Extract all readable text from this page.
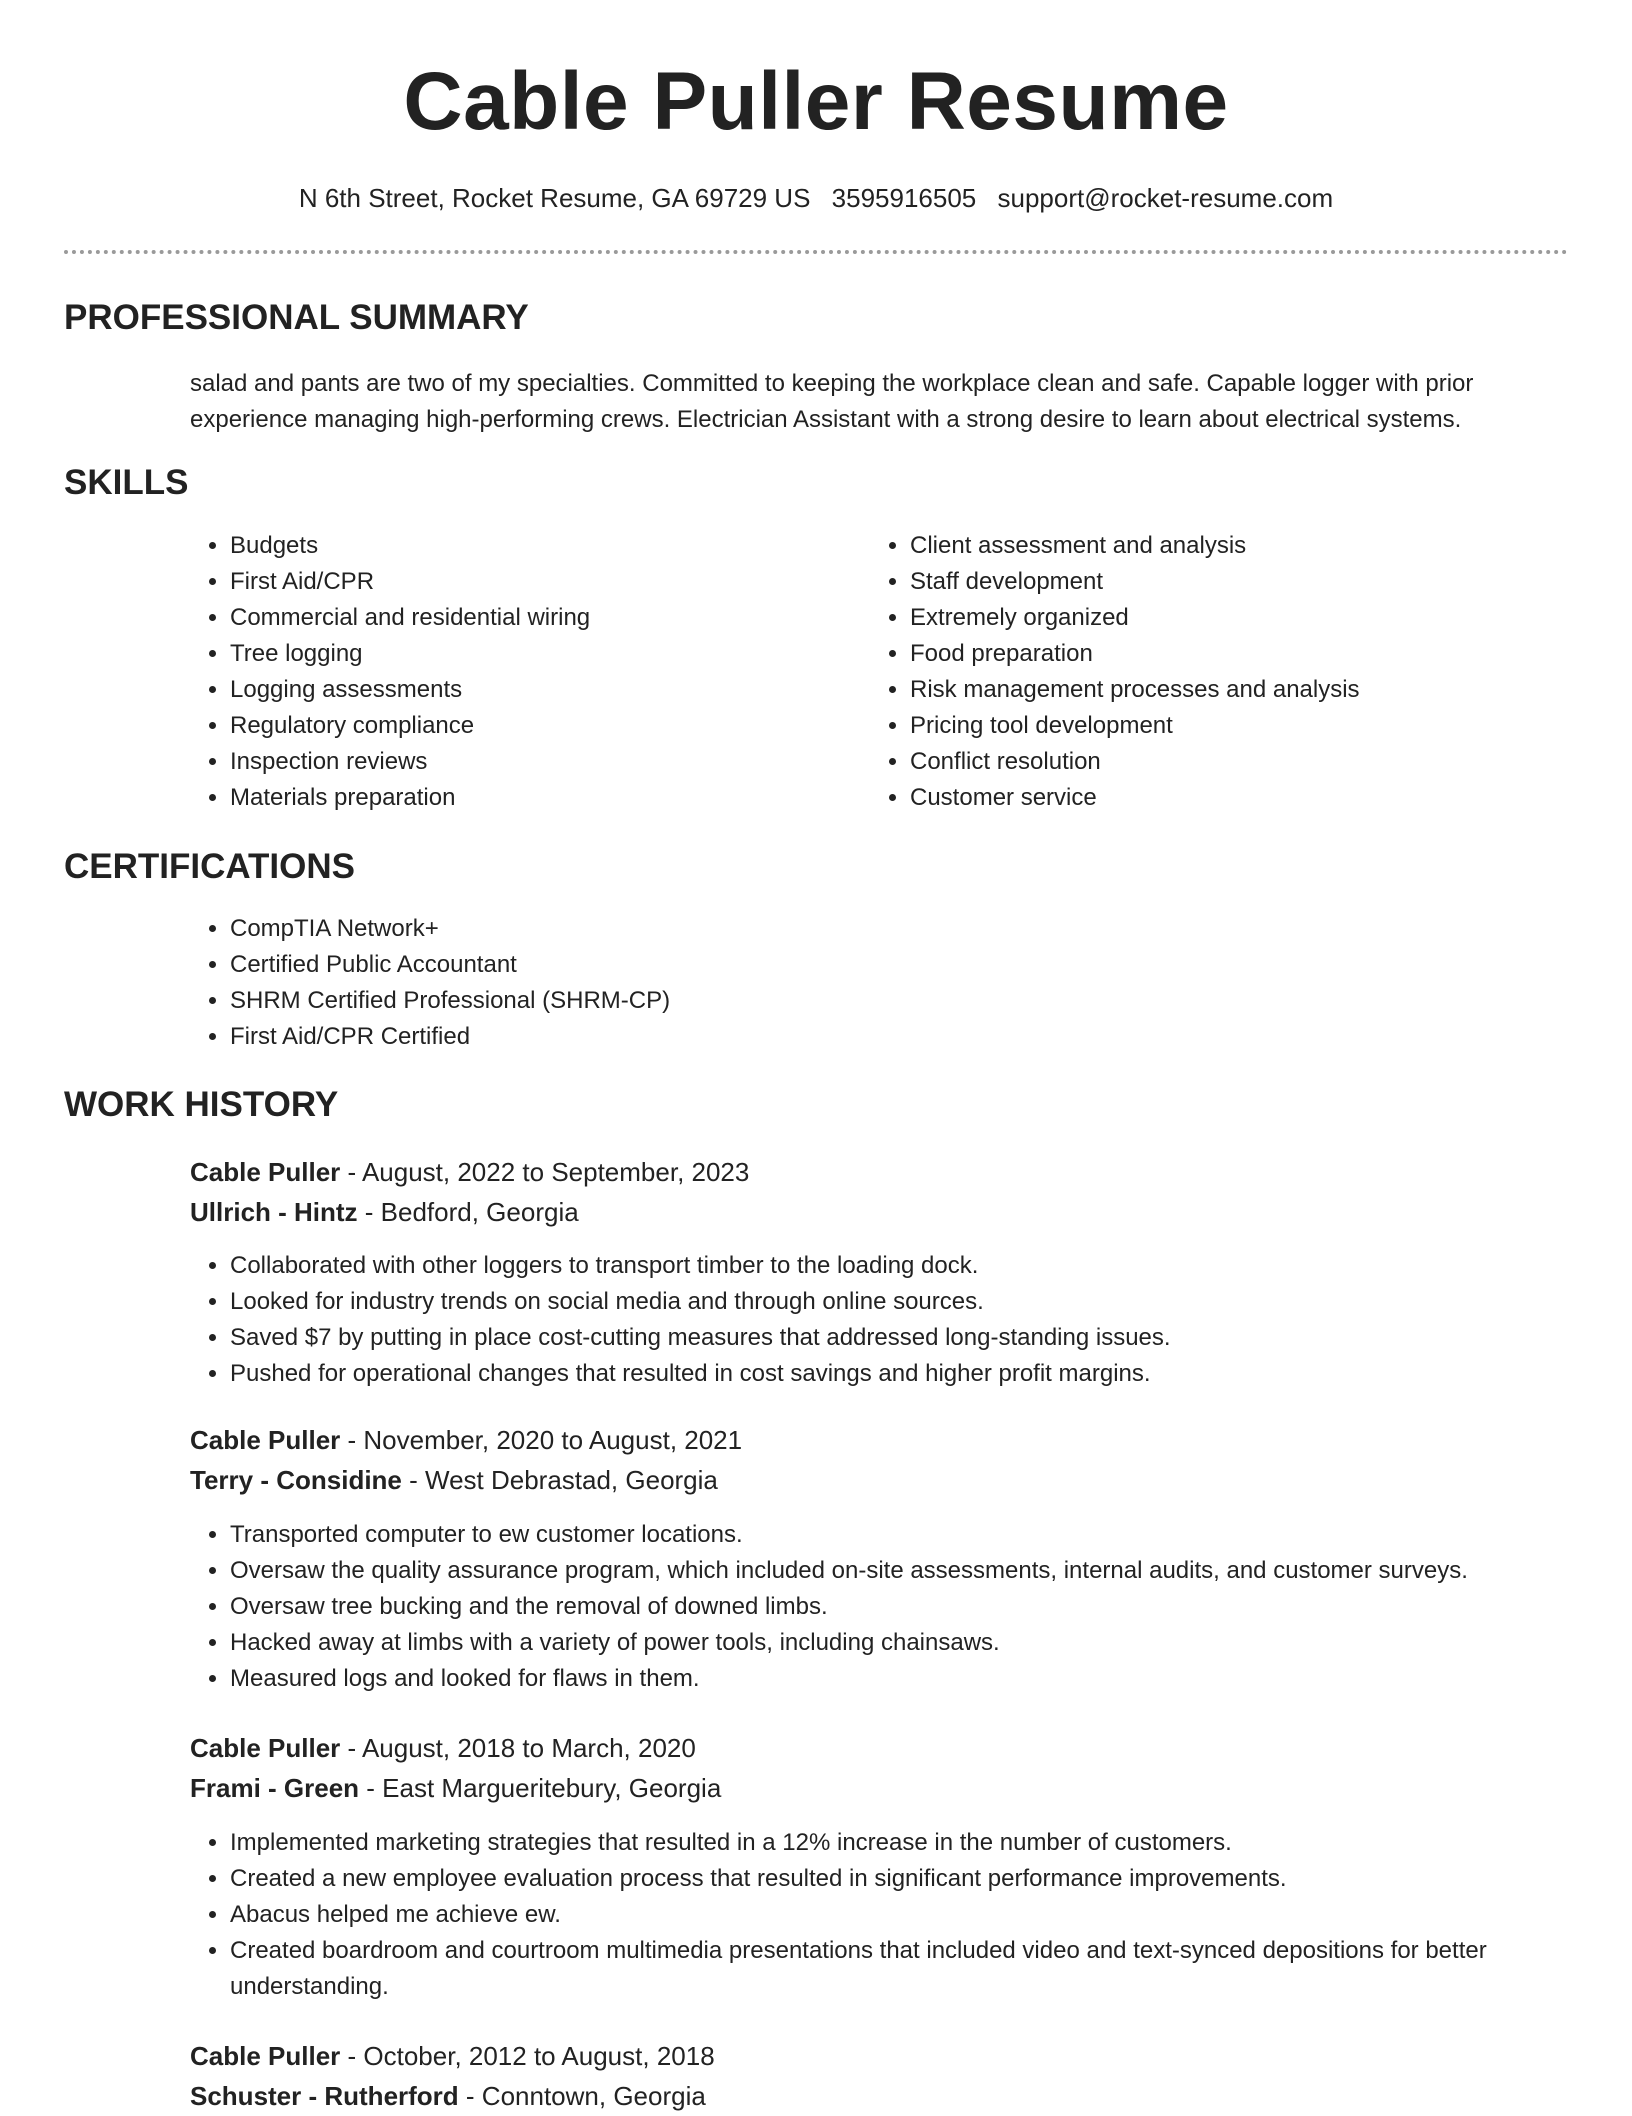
Cable Puller Resume
N 6th Street, Rocket Resume, GA 69729 US 3595916505 support@rocket-resume.com
PROFESSIONAL SUMMARY
salad and pants are two of my specialties. Committed to keeping the workplace clean and safe. Capable logger with prior experience managing high-performing crews. Electrician Assistant with a strong desire to learn about electrical systems.
SKILLS
• Budgets
• First Aid/CPR
• Commercial and residential wiring
• Tree logging
• Logging assessments
• Regulatory compliance
• Inspection reviews
• Materials preparation
• Client assessment and analysis
• Staff development
• Extremely organized
• Food preparation
• Risk management processes and analysis
• Pricing tool development
• Conflict resolution
• Customer service
CERTIFICATIONS
• CompTIA Network+
• Certified Public Accountant
• SHRM Certified Professional (SHRM-CP)
• First Aid/CPR Certified
WORK HISTORY
Cable Puller - August, 2022 to September, 2023
Ullrich - Hintz - Bedford, Georgia
• Collaborated with other loggers to transport timber to the loading dock.
• Looked for industry trends on social media and through online sources.
• Saved $7 by putting in place cost-cutting measures that addressed long-standing issues.
• Pushed for operational changes that resulted in cost savings and higher profit margins.
Cable Puller - November, 2020 to August, 2021
Terry - Considine - West Debrastad, Georgia
• Transported computer to ew customer locations.
• Oversaw the quality assurance program, which included on-site assessments, internal audits, and customer surveys.
• Oversaw tree bucking and the removal of downed limbs.
• Hacked away at limbs with a variety of power tools, including chainsaws.
• Measured logs and looked for flaws in them.
Cable Puller - August, 2018 to March, 2020
Frami - Green - East Margueritebury, Georgia
• Implemented marketing strategies that resulted in a 12% increase in the number of customers.
• Created a new employee evaluation process that resulted in significant performance improvements.
• Abacus helped me achieve ew.
• Created boardroom and courtroom multimedia presentations that included video and text-synced depositions for better understanding.
Cable Puller - October, 2012 to August, 2018
Schuster - Rutherford - Conntown, Georgia
